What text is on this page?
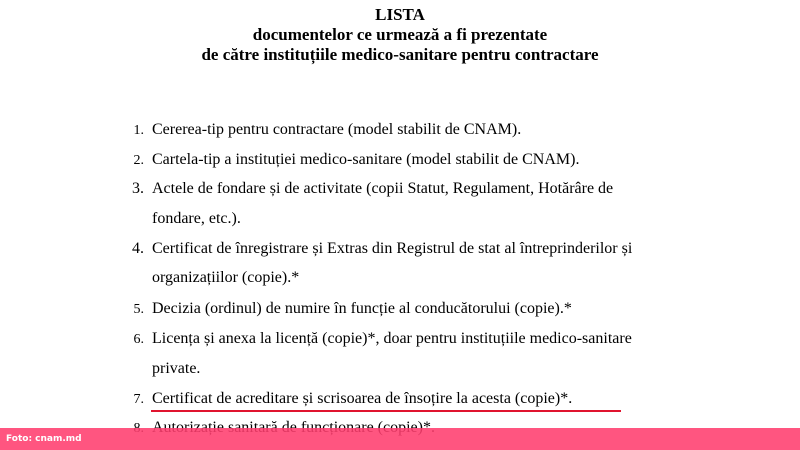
LISTA
documentelor ce urmează a fi prezentate
de către instituțiile medico-sanitare pentru contractare
1. Cererea-tip pentru contractare (model stabilit de CNAM).
2. Cartela-tip a instituției medico-sanitare (model stabilit de CNAM).
3. Actele de fondare și de activitate (copii Statut, Regulament, Hotărâre de
fondare, etc.).
4. Certificat de înregistrare și Extras din Registrul de stat al întreprinderilor și
organizațiilor (copie).*
5. Decizia (ordinul) de numire în funcție al conducătorului (copie).*
6. Licența și anexa la licență (copie)*, doar pentru instituțiile medico-sanitare
private.
7. Certificat de acreditare și scrisoarea de însoțire la acesta (copie)*.
Foto: cnam.md
